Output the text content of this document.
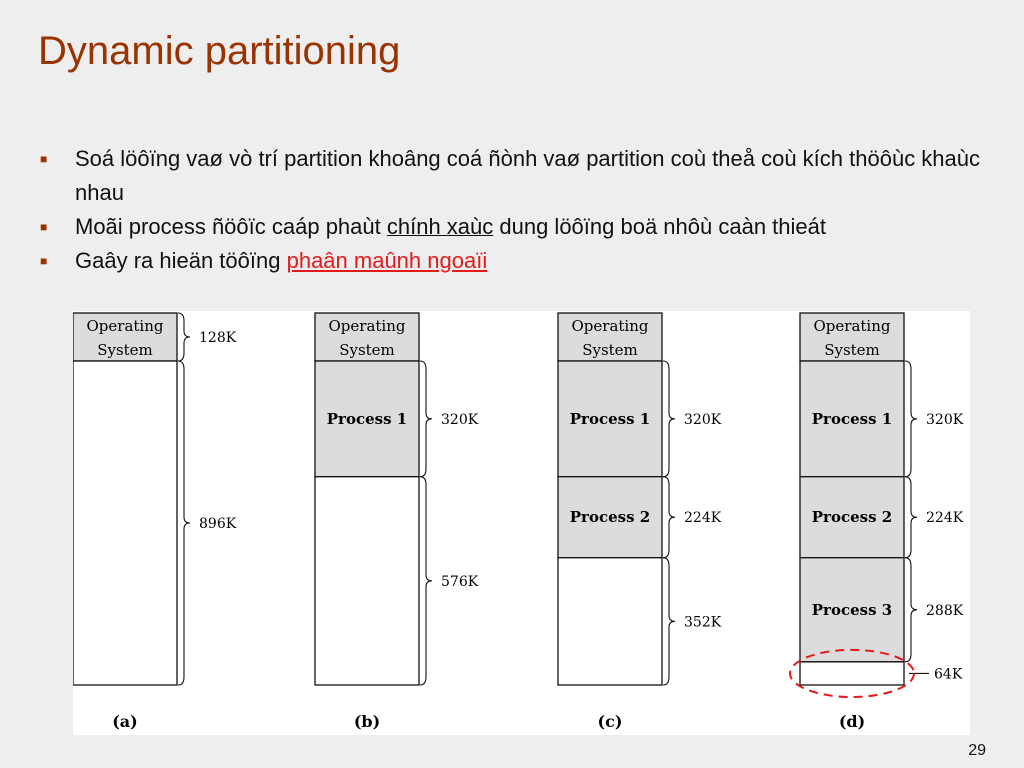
Dynamic partitioning
■ Soá löôïng vaø vò trí partition khoâng coá ñònh vaø partition coù theå coù kích thöôùc khaùc nhau
■ Moãi process ñöôïc caáp phaùt chính xaùc dung löôïng boä nhôù caàn thieát
■ Gaây ra hieän töôïng phaân maûnh ngoaïi
Operating
System
128K
896K
(a)
Operating
System
Process 1 320K
576K
(b)
Operating
System
Process 1 320K
Process 2 224K
352K
(c)
Operating
System
Process 1 320K
Process 2 224K
Process 3 288K
64K
(d)
29
